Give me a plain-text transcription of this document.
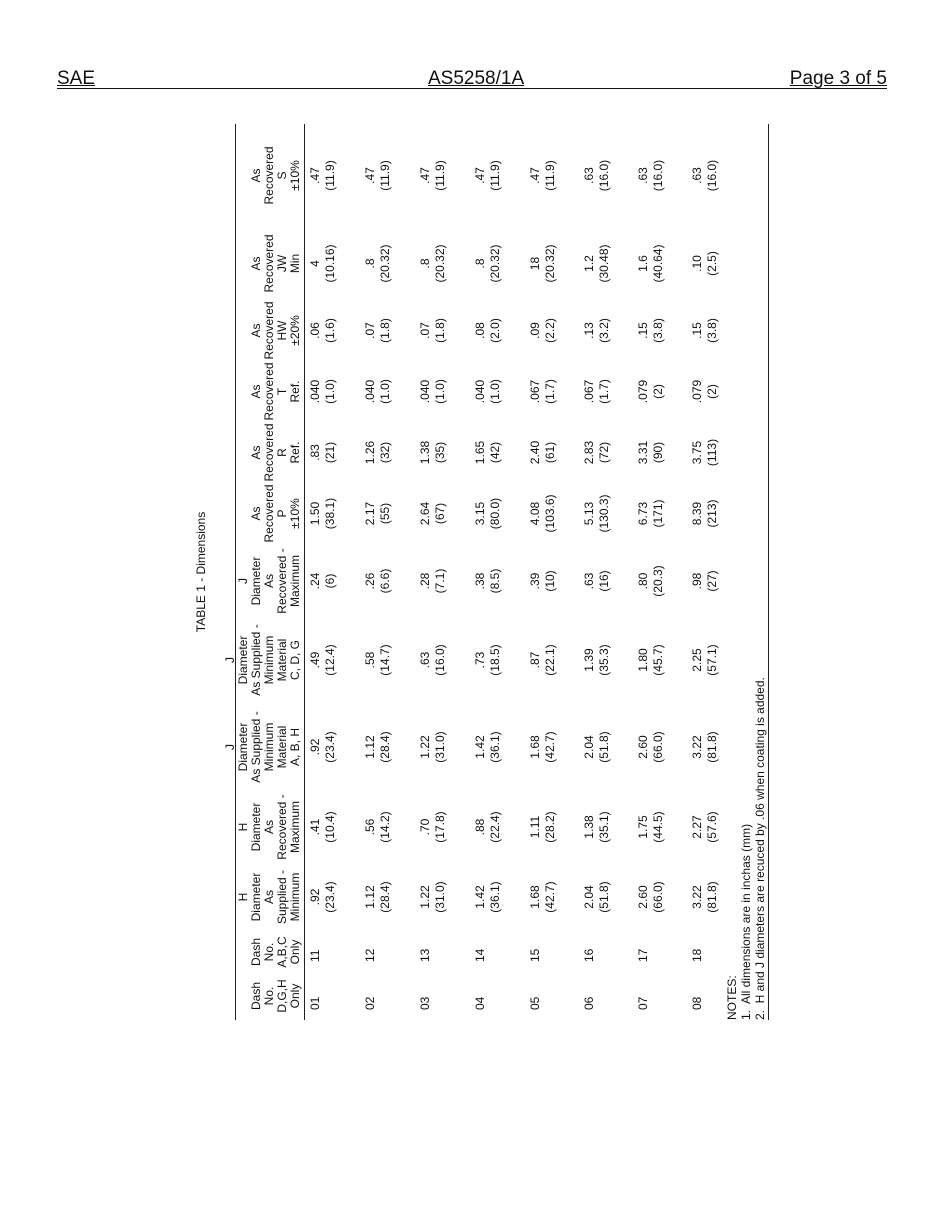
SAE	AS5258/1A	Page 3 of 5
TABLE 1 - Dimensions
Dash
No.
D,G,H
Only
Dash
No.
A,B,C
Only
H
Diameter
As
Supplied -
Minimum
H
Diameter
As
Recovered -
Maximum
J
Diameter
As Supplied -
Minimum
Material
A, B, H
J
Diameter
As Supplied -
Minimum
Material
C, D, G
J
Diameter
As
Recovered -
Maximum
As
Recovered
P
±10%
As
Recovered
R
Ref.
As
Recovered
T
Ref.
As
Recovered
HW
±20%
As
Recovered
JW
Min
As
Recovered
S
±10%
01
11
.92 (23.4)
.41 (10.4)
.92 (23.4)
.49 (12.4)
.24 (6)
1.50 (38.1)
.83 (21)
.040 (1.0)
.06 (1.6)
4 (10.16)
.47 (11.9)
02
12
1.12 (28.4)
.56 (14.2)
1.12 (28.4)
.58 (14.7)
.26 (6.6)
2.17 (55)
1.26 (32)
.040 (1.0)
.07 (1.8)
.8 (20.32)
.47 (11.9)
03
13
1.22 (31.0)
.70 (17.8)
1.22 (31.0)
.63 (16.0)
.28 (7.1)
2.64 (67)
1.38 (35)
.040 (1.0)
.07 (1.8)
.8 (20.32)
.47 (11.9)
04
14
1.42 (36.1)
.88 (22.4)
1.42 (36.1)
.73 (18.5)
.38 (8.5)
3.15 (80.0)
1.65 (42)
.040 (1.0)
.08 (2.0)
.8 (20.32)
.47 (11.9)
05
15
1.68 (42.7)
1.11 (28.2)
1.68 (42.7)
.87 (22.1)
.39 (10)
4.08 (103.6)
2.40 (61)
.067 (1.7)
.09 (2.2)
18 (20.32)
.47 (11.9)
06
16
2.04 (51.8)
1.38 (35.1)
2.04 (51.8)
1.39 (35.3)
.63 (16)
5.13 (130.3)
2.83 (72)
.067 (1.7)
.13 (3.2)
1.2 (30.48)
.63 (16.0)
07
17
2.60 (66.0)
1.75 (44.5)
2.60 (66.0)
1.80 (45.7)
.80 (20.3)
6.73 (171)
3.31 (90)
.079 (2)
.15 (3.8)
1.6 (40.64)
.63 (16.0)
08
18
3.22 (81.8)
2.27 (57.6)
3.22 (81.8)
2.25 (57.1)
.98 (27)
8.39 (213)
3.75 (113)
.079 (2)
.15 (3.8)
.10 (2.5)
.63 (16.0)
NOTES: 1.  All dimensions are in inchas (mm) 2.  H and J diameters are recuced by .06 when coating is added.
